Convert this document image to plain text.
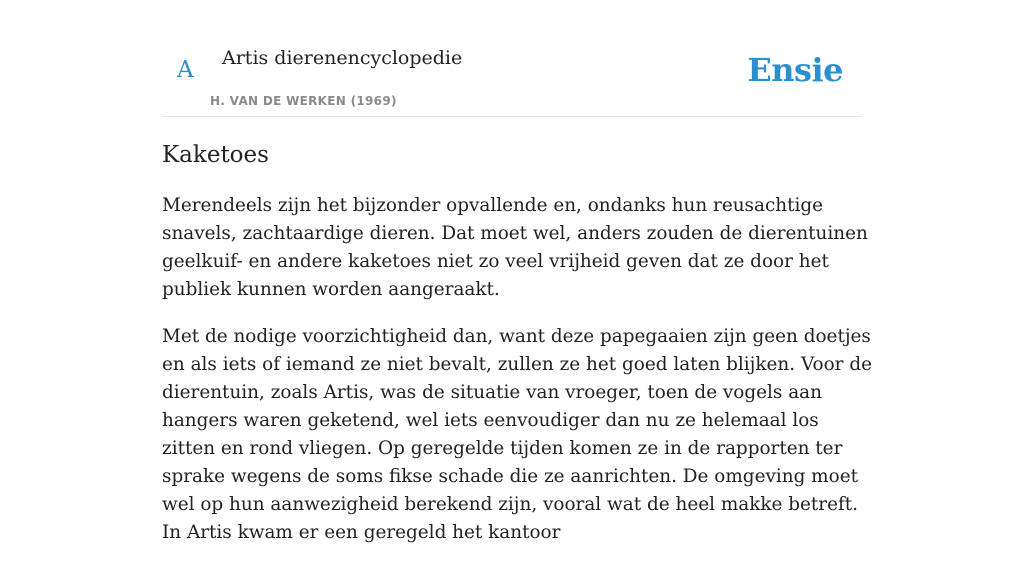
A Artis dierenencyclopedie
H. VAN DE WERKEN (1969)
Ensie
Kaketoes

Merendeels zijn het bijzonder opvallende en, ondanks hun reusachtige snavels, zachtaardige dieren. Dat moet wel, anders zouden de dierentuinen geelkuif- en andere kaketoes niet zo veel vrijheid geven dat ze door het publiek kunnen worden aangeraakt.

Met de nodige voorzichtigheid dan, want deze papegaaien zijn geen doetjes en als iets of iemand ze niet bevalt, zullen ze het goed laten blijken. Voor de dierentuin, zoals Artis, was de situatie van vroeger, toen de vogels aan hangers waren geketend, wel iets eenvoudiger dan nu ze helemaal los zitten en rond vliegen. Op geregelde tijden komen ze in de rapporten ter sprake wegens de soms fikse schade die ze aanrichten. De omgeving moet wel op hun aanwezigheid berekend zijn, vooral wat de heel makke betreft. In Artis kwam er een geregeld het kantoor
